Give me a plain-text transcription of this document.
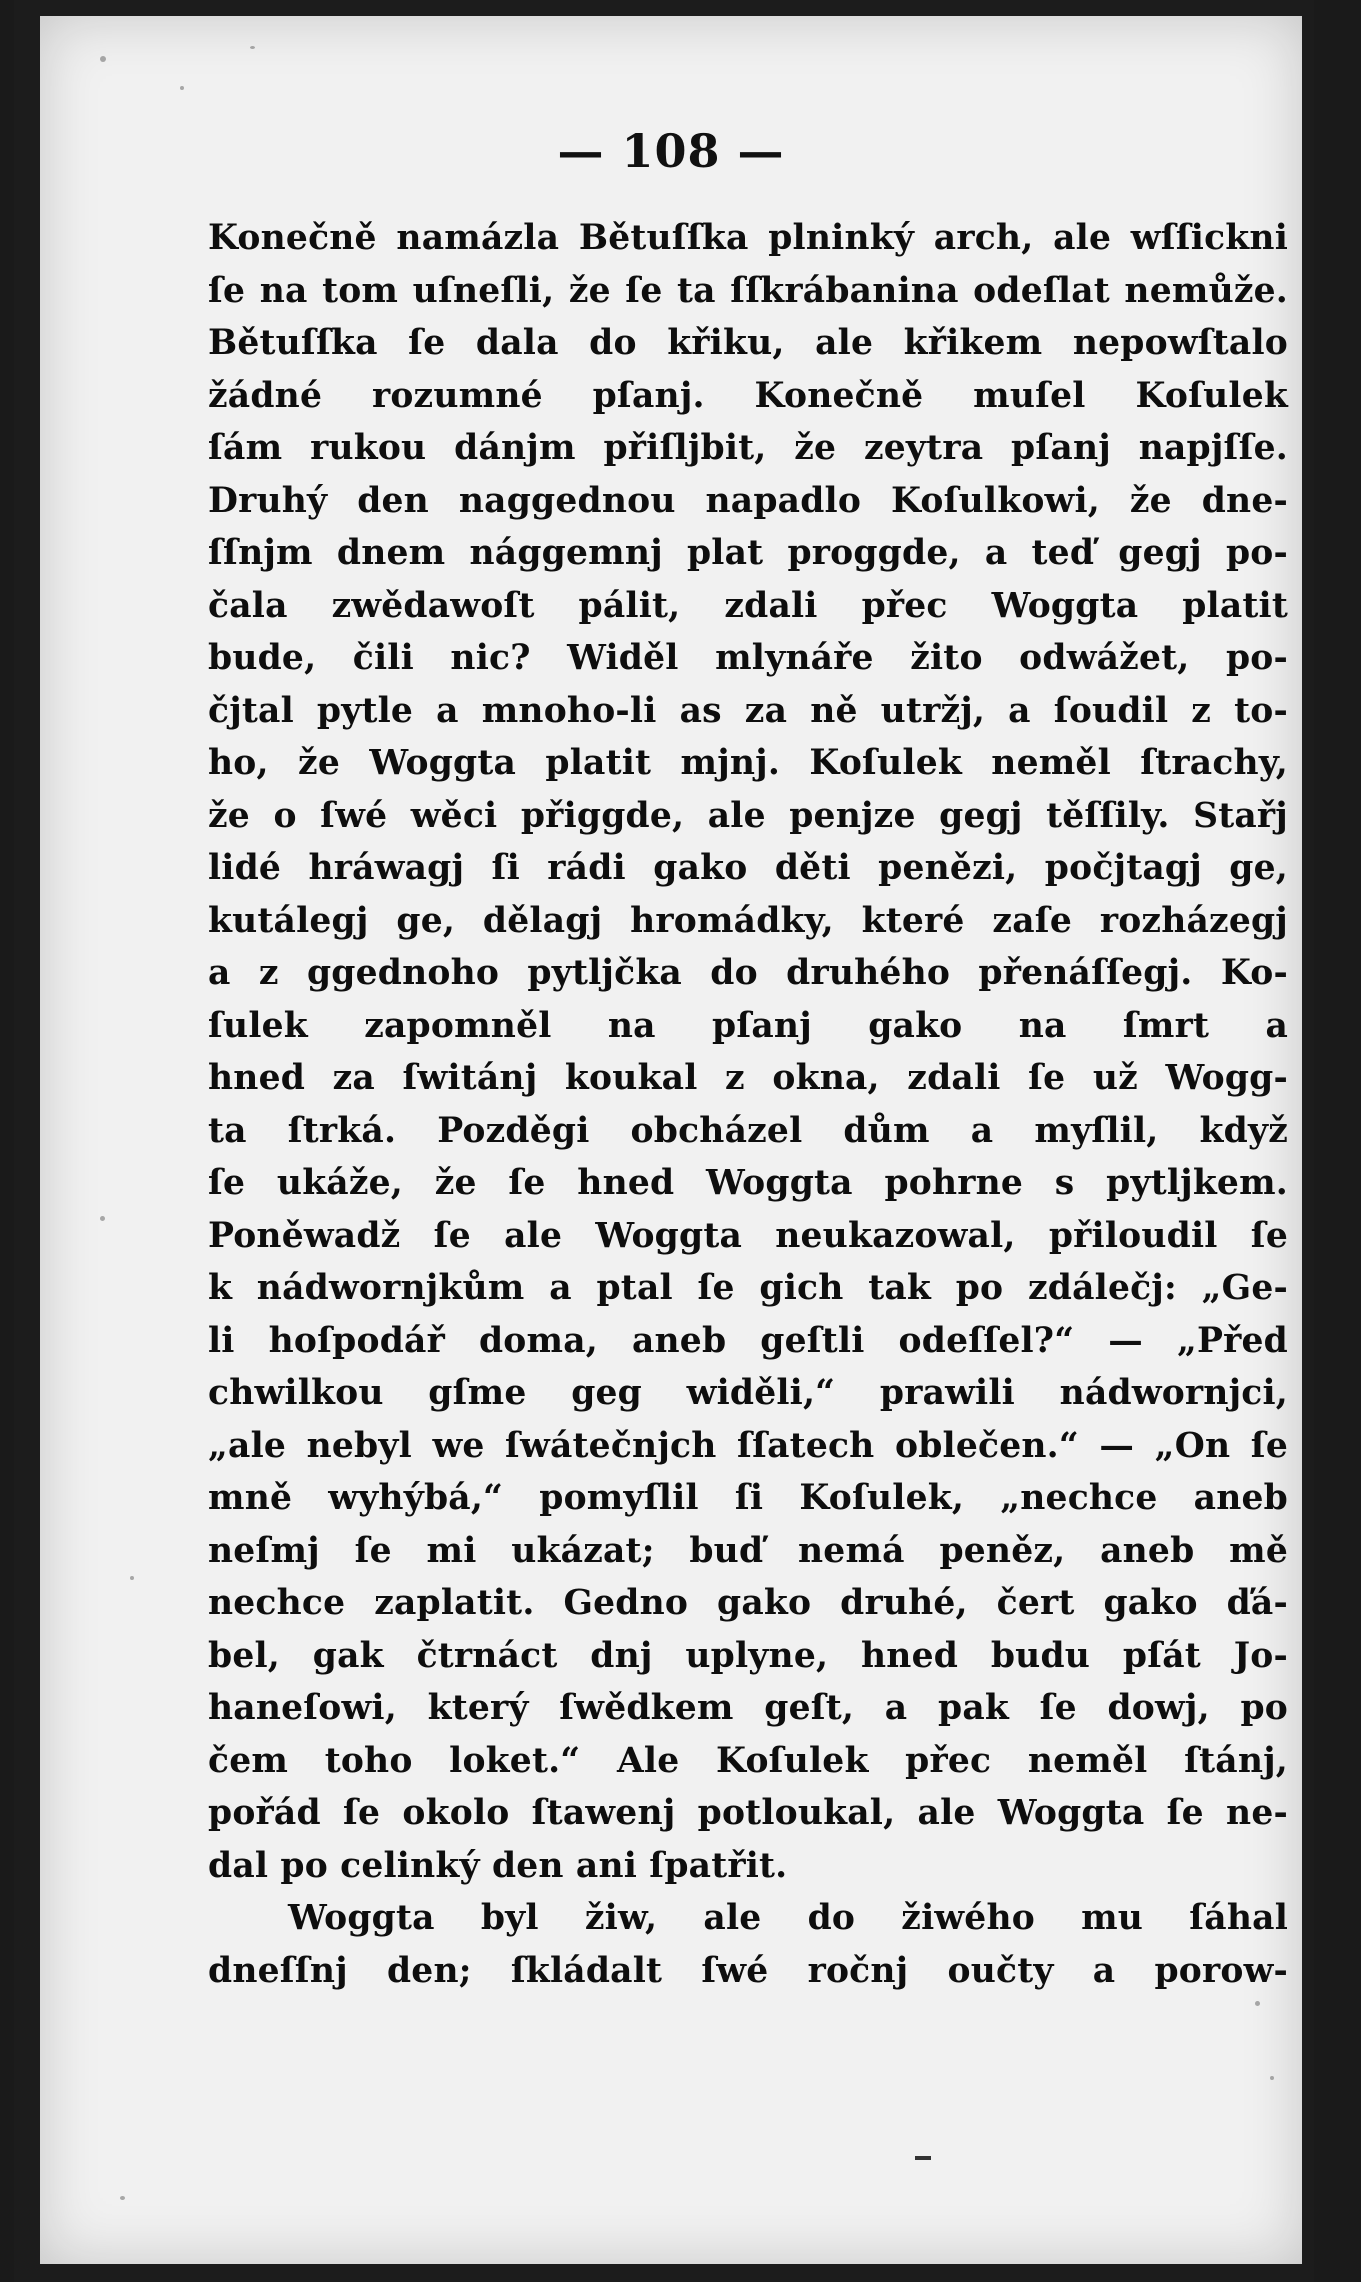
— 108 —
Konečně namázla Bětuſſka plninký arch, ale wſſickni
ſe na tom uſneſli, že ſe ta ſſkrábanina odeſlat nemůže.
Bětuſſka ſe dala do křiku, ale křikem nepowſtalo
žádné rozumné pſanj. Konečně muſel Koſulek
ſám rukou dánjm přiſljbit, že zeytra pſanj napjſſe.
Druhý den naggednou napadlo Koſulkowi, že dne-
ſſnjm dnem nággemnj plat proggde, a teď gegj po-
čala zwědawoſt pálit, zdali přec Woggta platit
bude, čili nic? Widěl mlynáře žito odwážet, po-
čjtal pytle a mnoho-li as za ně utržj, a ſoudil z to-
ho, že Woggta platit mjnj. Koſulek neměl ſtrachy,
že o ſwé wěci přiggde, ale penjze gegj těſſily. Stařj
lidé hráwagj ſi rádi gako děti penězi, počjtagj ge,
kutálegj ge, dělagj hromádky, které zaſe rozházegj
a z ggednoho pytljčka do druhého přenáſſegj. Ko-
ſulek zapomněl na pſanj gako na ſmrt a
hned za ſwitánj koukal z okna, zdali ſe už Wogg-
ta ſtrká. Pozděgi obcházel dům a myſlil, když
ſe ukáže, že ſe hned Woggta pohrne s pytljkem.
Poněwadž ſe ale Woggta neukazowal, přiloudil ſe
k nádwornjkům a ptal ſe gich tak po zdálečj: „Ge-
li hoſpodář doma, aneb geſtli odeſſel?“ — „Před
chwilkou gſme geg widěli,“ prawili nádwornjci,
„ale nebyl we ſwátečnjch ſſatech oblečen.“ — „On ſe
mně wyhýbá,“ pomyſlil ſi Koſulek, „nechce aneb
neſmj ſe mi ukázat; buď nemá peněz, aneb mě
nechce zaplatit. Gedno gako druhé, čert gako ďá-
bel, gak čtrnáct dnj uplyne, hned budu pſát Jo-
haneſowi, který ſwědkem geſt, a pak ſe dowj, po
čem toho loket.“ Ale Koſulek přec neměl ſtánj,
pořád ſe okolo ſtawenj potloukal, ale Woggta ſe ne-
dal po celinký den ani ſpatřit.
Woggta byl žiw, ale do žiwého mu ſáhal
dneſſnj den; ſkládalt ſwé ročnj oučty a porow-
